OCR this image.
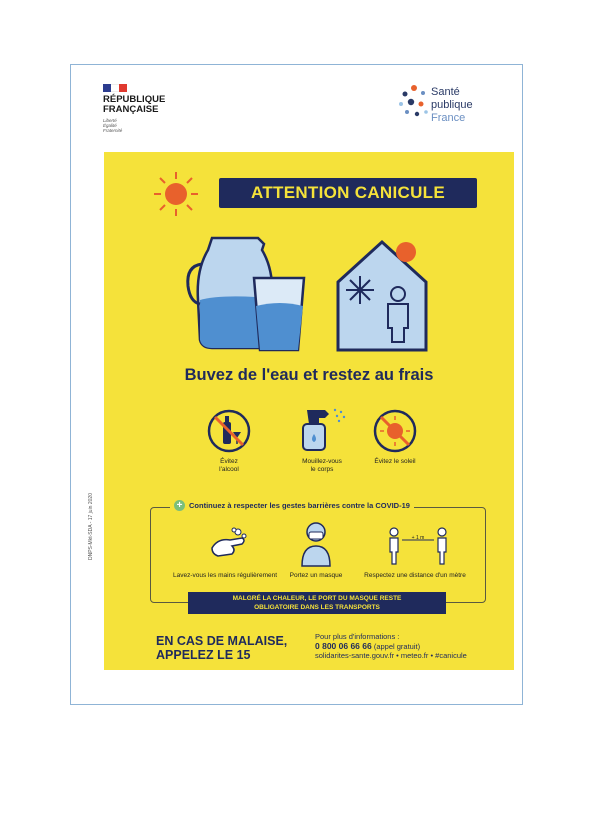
RÉPUBLIQUE
FRANÇAISE
Liberté
Égalité
Fraternité
Santé
publique
France
ATTENTION CANICULE
Buvez de l'eau et restez au frais
Évitez
l'alcool
Mouillez-vous
le corps
Évitez le soleil
+ Continuez à respecter les gestes barrières contre la COVID-19
Lavez-vous les mains régulièrement	Portez un masque
+ 1 m
Respectez une distance d'un mètre
MALGRÉ LA CHALEUR, LE PORT DU MASQUE RESTE
OBLIGATOIRE DANS LES TRANSPORTS
EN CAS DE MALAISE,
APPELEZ LE 15
Pour plus d'informations :
0 800 06 66 66 (appel gratuit)
solidarites-sante.gouv.fr • meteo.fr • #canicule
DNPS-Mkt-SDA - 17 juin 2020
